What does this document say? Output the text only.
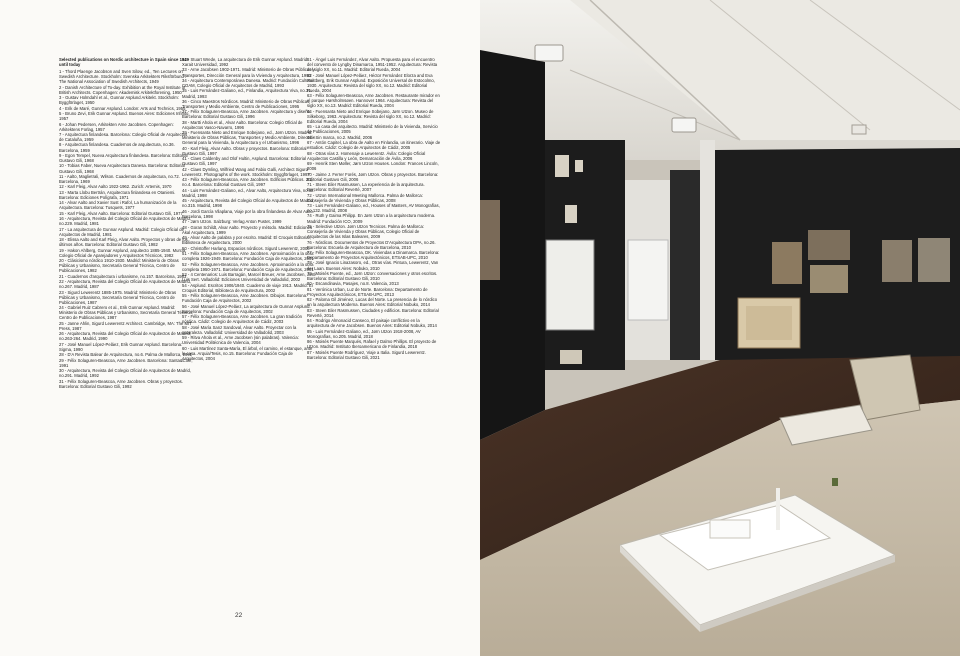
Selected publications on Nordic architecture in Spain since 1949 until today

1 - Thord Plaenge Jacobson and Sven Silow, ed., Ten Lectures on Swedish Architecture. Stockholm: Svenska Arkitekters Riksförbund / The National Association of Swedish Architects, 1949

2 - Danish Architecture of To-day. Exhibition at the Royal Institute of British Architects. Copenhagen: Akademisk Arkitektforening, 1950

3 - Gustav Holmdahl et al., Gunnar Asplund Arkitekt. Stockholm: Byggförlaget, 1950

4 - Erik de Maré, Gunnar Asplund. London: Arts and Technics, 1955

5 - Bruno Zevi, Erik Gunnar Asplund. Buenos Aires: Ediciones Infinito, 1957

6 - Johan Pedersen, Arkitekten Arne Jacobsen. Copenhagen: Arkitektens Forlag, 1957

7 - Arquitectura finlandesa. Barcelona: Colegio Oficial de Arquitectos de Cataluña, 1959

8 - Arquitectura finlandesa. Cuadernos de arquitectura, no.36. Barcelona, 1959

9 - Egon Tempel, Nueva Arquitectura finlandesa. Barcelona: Editorial Gustavo Gili, 1968

10 - Tobias Faber, Nueva Arquitectura Danesa. Barcelona: Editorial Gustavo Gili, 1968

11 - Aalto, Maglietrali, Wilson. Cuadernos de arquitectura, no.72. Barcelona, 1969

12 - Karl Fleig, Alvar Aalto 1922-1962. Zurich: Artemis, 1970

13 - Marta Llobu Bertrán, Arquitectura finlandesa en Otaniemi. Barcelona: Ediciones Polígrafa, 1971

14 - Alvar Aalto and Xavier Sust i Rafol, La humanización de la Arquitectura. Barcelona: Tusquets, 1977

15 - Karl Fleig, Alvar Aalto. Barcelona: Editorial Gustavo Gili, 1977

16 - Arquitectura, Revista del Colegio Oficial de Arquitectos de Madrid, no.229. Madrid, 1981

17 - La arquitectura de Gunnar Asplund. Madrid: Colegio Oficial de Arquitectos de Madrid, 1981

18 - Elissa Aalto and Karl Fleig, Alvar Aalto. Proyectos y obras de los últimos años. Barcelona: Editorial Gustavo Gili, 1982

19 - Hakon Ahlberg, Gunnar Asplund, arquitecto 1885-1940. Murcia: Colegio Oficial de Aparejadores y Arquitectos Técnicos, 1982

20 - Clásicismo nórdico 1910-1930. Madrid: Ministerio de Obras Públicas y Urbanismo, Secretaría General Técnica, Centro de Publicaciones, 1982

21 - Cuadernos d'arquitectura i urbanisme, no.157. Barcelona, 1983

22 - Arquitectura, Revista del Colegio Oficial de Arquitectos de Madrid, no.267. Madrid, 1987

23 - Sigurd Lewerentz 1885-1975. Madrid: Ministerio de Obras Públicas y Urbanismo, Secretaría General Técnica, Centro de Publicaciones, 1987

24 - Gabriel Ruiz Cabrero et al., Erik Gunnar Asplund. Madrid: Ministerio de Obras Públicas y Urbanismo, Secretaría General Técnica, Centro de Publicaciones, 1987

25 - Janne Ahlin, Sigurd Lewerentz Architect. Cambridge, MA: The MIT Press, 1987

26 - Arquitectura, Revista del Colegio Oficial de Arquitectos de Madrid, no.263-264. Madrid, 1990

27 - José Manuel López-Peláez, Erik Gunnar Asplund. Barcelona: Sigma, 1990

28 - D'A Revista Balear de Arquitectura, no.6. Palma de Mallorca, 1991

29 - Félix Solaguren-Beascoa, Arne Jacobsen. Barcelona: Santa&Cole, 1991

30 - Arquitectura, Revista del Colegio Oficial de Arquitectos de Madrid, no.291. Madrid, 1992

31 - Félix Solaguren-Beascoa, Arne Jacobsen. Obras y proyectos. Barcelona: Editorial Gustavo Gili, 1992

32 - Stuart Wrede, La arquitectura de Erik Gunnar Asplund. Madrid: Xarait Universidad, 1992

33 - Arne Jacobsen 1902-1971. Madrid: Ministerio de Obras Públicas y Transportes, Dirección General para la Vivienda y Arquitectura, 1993

34 - Arquitectura Contemporánea Danesa. Madrid: Fundación Cultural COAM, Colegio Oficial de Arquitectos de Madrid, 1993

35 - Luis Fernández-Galiano, ed., Finlandia, Arquitectura Viva, no.31. Madrid, 1993

36 - Cinco Maestros Nórdicos. Madrid: Ministerio de Obras Públicas, Transportes y Medio Ambiente, Centro de Publicaciones, 1995

37 - Félix Solaguren-Beascoa, Arne Jacobsen. Arquitectura y diseño. Barcelona: Editorial Gustavo Gili, 1996

38 - Martti Ahola et al., Alvar Aalto. Barcelona: Colegio Oficial de Arquitectos Vasco-Navarro, 1996

39 - Fuensanta Nieto and Enrique Sobejano, ed., Jørn Utzon. Madrid: Ministerio de Obras Públicas, Transportes y Medio Ambiente, Dirección General para la Vivienda, la Arquitectura y el Urbanismo, 1996

40 - Karl Fleig, Alvar Aalto. Obras y proyectos. Barcelona: Editorial Gustavo Gili, 1997

41 - Claes Caldenby and Olof Hultin, Asplund. Barcelona: Editorial Gustavo Gili, 1997

42 - Claes Dymling, Wilfried Wang and Fabio Galli, Architect Sigurd Lewerentz. Photographs of the work. Stockholm: Byggförlaget, 1997

43 - Félix Solaguren-Beascoa, Arne Jacobsen. Edificios Públicos. 2G, no.4. Barcelona: Editorial Gustavo Gili, 1997

44 - Luis Fernández-Galiano, ed., Alvar Aalto, Arquitectura Viva, no.62. Madrid, 1998

45 - Arquitectura, Revista del Colegio Oficial de Arquitectos de Madrid, no.315. Madrid, 1998

46 - Jordi García Vilaplana, Viaje por la obra finlandesa de Alvar Aalto. Barcelona, 1998

47 - Jørn Utzon. Salzburg: Verlag Anton Pustet, 1999

48 - Goran Schildt, Alvar Aalto. Proyecto y método. Madrid: Ediciones Akal Arquitectura, 1999

49 - Alvar Aalto de palabra y por escrito. Madrid: El Croquis Editorial, Biblioteca de Arquitectura, 2000

50 - Christoffer Harlang, Espacios nórdicos. Sigurd Lewerentz, 2000

51 - Félix Solaguren-Beascoa, Arne Jacobsen. Aproximación a la obra completa 1926-1949. Barcelona: Fundación Caja de Arquitectos, 2001

52 - Félix Solaguren-Beascoa, Arne Jacobsen. Aproximación a la obra completa 1950-1971. Barcelona: Fundación Caja de Arquitectos, 2001

53 - 4 Centenarios: Luis Barragán, Marcel Breuer, Arne Jacobsen, José Luis Sert. Valladolid: Ediciones Universidad de Valladolid, 2002

54 - Asplund. Escritos 1906/1940. Cuaderno de viaje 1913. Madrid: El Croquis Editorial, Biblioteca de Arquitectura, 2002

55 - Félix Solaguren-Beascoa, Arne Jacobsen. Dibujos. Barcelona: Fundación Caja de Arquitectos, 2002

56 - José Manuel López-Peláez, La arquitectura de Gunnar Asplund. Barcelona: Fundación Caja de Arquitectos, 2002

57 - Félix Solaguren-Beascoa, Arne Jacobsen. La gran tradición nórdica. Cádiz: Colegio de Arquitectos de Cádiz, 2003

58 - José María Sanz Sandoval, Alvar Aalto. Proyectar con la naturaleza. Valladolid: Universidad de Valladolid, 2003

59 - Ritva Ahola et al., Arne Jacobsen (sin palabras). Valencia: Universidad Politécnica de Valencia, 2004

60 - Luis Martínez Santa-María, El árbol, el camino, el estanque, ante la casa. Arquia/Tesis, no.15. Barcelona: Fundación Caja de Arquitectos, 2004

61 - Ángel Luis Fernández, Alvar Aalto. Propuesta para el encuentro del convento de Lyngby Dinamarca, 1951-1952. Arquitectura: Revista del siglo XX, no.11. Madrid: Editorial Rueda, 2004

62 - José Manuel López-Peláez, Héctor Fernández Elorza and Eva Rustberg, Erik Gunnar Asplund. Exposición Universal de Estocolmo, 1930. Arquitectura: Revista del siglo XX, no.12. Madrid: Editorial Rueda, 2004

63 - Félix Solaguren-Beascoa, Arne Jacobsen. Restaurante mirador en el parque Hørsholmsøen. Hannover 1964. Arquitectura: Revista del siglo XX, no.13. Madrid: Editorial Rueda, 2004

64 - Fuensanta Nieto and Enrique Sobejano, Jørn Utzon. Museo de Silkeborg, 1963. Arquitectura: Revista del siglo XX, no.12. Madrid: Editorial Rueda, 2004

65 - La casa del arquitecto. Madrid: Ministerio de la Vivienda, Servicio de Publicaciones, 2005

66 - Sin marca, no.2. Madrid, 2006

67 - Antón Capitel, La obra de Aalto en Finlandia, un itinerario. Viaje de estudios. Cádiz: Colegio de Arquitectos de Cádiz, 2005

68 - Otras vías 2. Homenaje a Lewerentz. Ávila: Colegio Oficial Arquitectos Castilla y León, Demarcación de Ávila, 2006

69 - Henrik Sten Møller, Jørn Utzon Houses. London: Frances Lincoln, 2006

70 - Jaime J. Ferrer Forés, Jørn Utzon. Obras y proyectos. Barcelona: Editorial Gustavo Gili, 2006

71 - Steen Eiler Rasmussen, La experiencia de la arquitectura. Barcelona: Editorial Reverté, 2007

72 - Utzon International Meeting Mallorca. Palma de Mallorca: Consejería de Vivienda y Obras Públicas, 2008

73 - Luis Fernández-Galiano, ed., Houses of Masters, AV Monografías, no.132. Madrid, 2008

74 - Ruth y Gaima Philipp. En Jørn Utzon a la arquitectura moderna. Madrid: Fundación ICO, 2009

75 - Selective Utzon. Jørn Utzon Tecnicos. Palma de Mallorca: Consejería de Vivienda y Obras Públicas, Colegio Oficial de Arquitectos de las Islas Baleares, 2009

76 - Nórdicos. Documentos de Proyectos D'Arquitectura DPA, no.26. Barcelona: Escuela de Arquitectura de Barcelona, 2010

77 - Félix Solaguren-Beascoa, DK. Viviendas a Dinamarca. Barcelona: Departamento de Proyectos Arquitectónicos, ETSAB-UPC, 2010

78 - José Ignacio Linazasoro, ed., Otras vías. Pintura, Lewerentz, Van der Laan. Buenos Aires: Nobuko, 2010

79 - Moisés Puente, ed., Jørn Utzon: conversaciones y otros escritos. Barcelona: Editorial Gustavo Gili, 2010

80 - Escandinavia, Pasajes, no.8. Valencia, 2013

81 - Verónica Urban, Luz de Norte. Barcelona: Departamento de Proyectos Arquitectónicos, ETSAB-UPC, 2013

82 - Paloma Gil Jiménez, Lucas del Norte. La presencia de lo nórdico en la arquitectura Moderna. Buenos Aires: Editorial Nobuko, 2014

83 - Steen Eiler Rasmussen, Ciudades y edificios. Barcelona: Editorial Reverté, 2014

84 - Rodrigo Almonacid Canseco, El paisaje conflictivo en la arquitectura de Arne Jacobsen. Buenos Aires: Editorial Nobuko, 2014

85 - Luis Fernández-Galiano, ed., Jørn Utzon 1918-2008, AV Monografías, no.205. Madrid, 2018

86 - Moisés Puente Marqués, Rafael y Dalmo Phillips. El proyecto de Utzon. Madrid: Instituto Iberoamericano de Finlandia, 2018

87 - Moisés Puente Rodríguez, Viaje a Italia. Sigurd Lewerentz. Barcelona: Editorial Gustavo Gili, 2021

22
